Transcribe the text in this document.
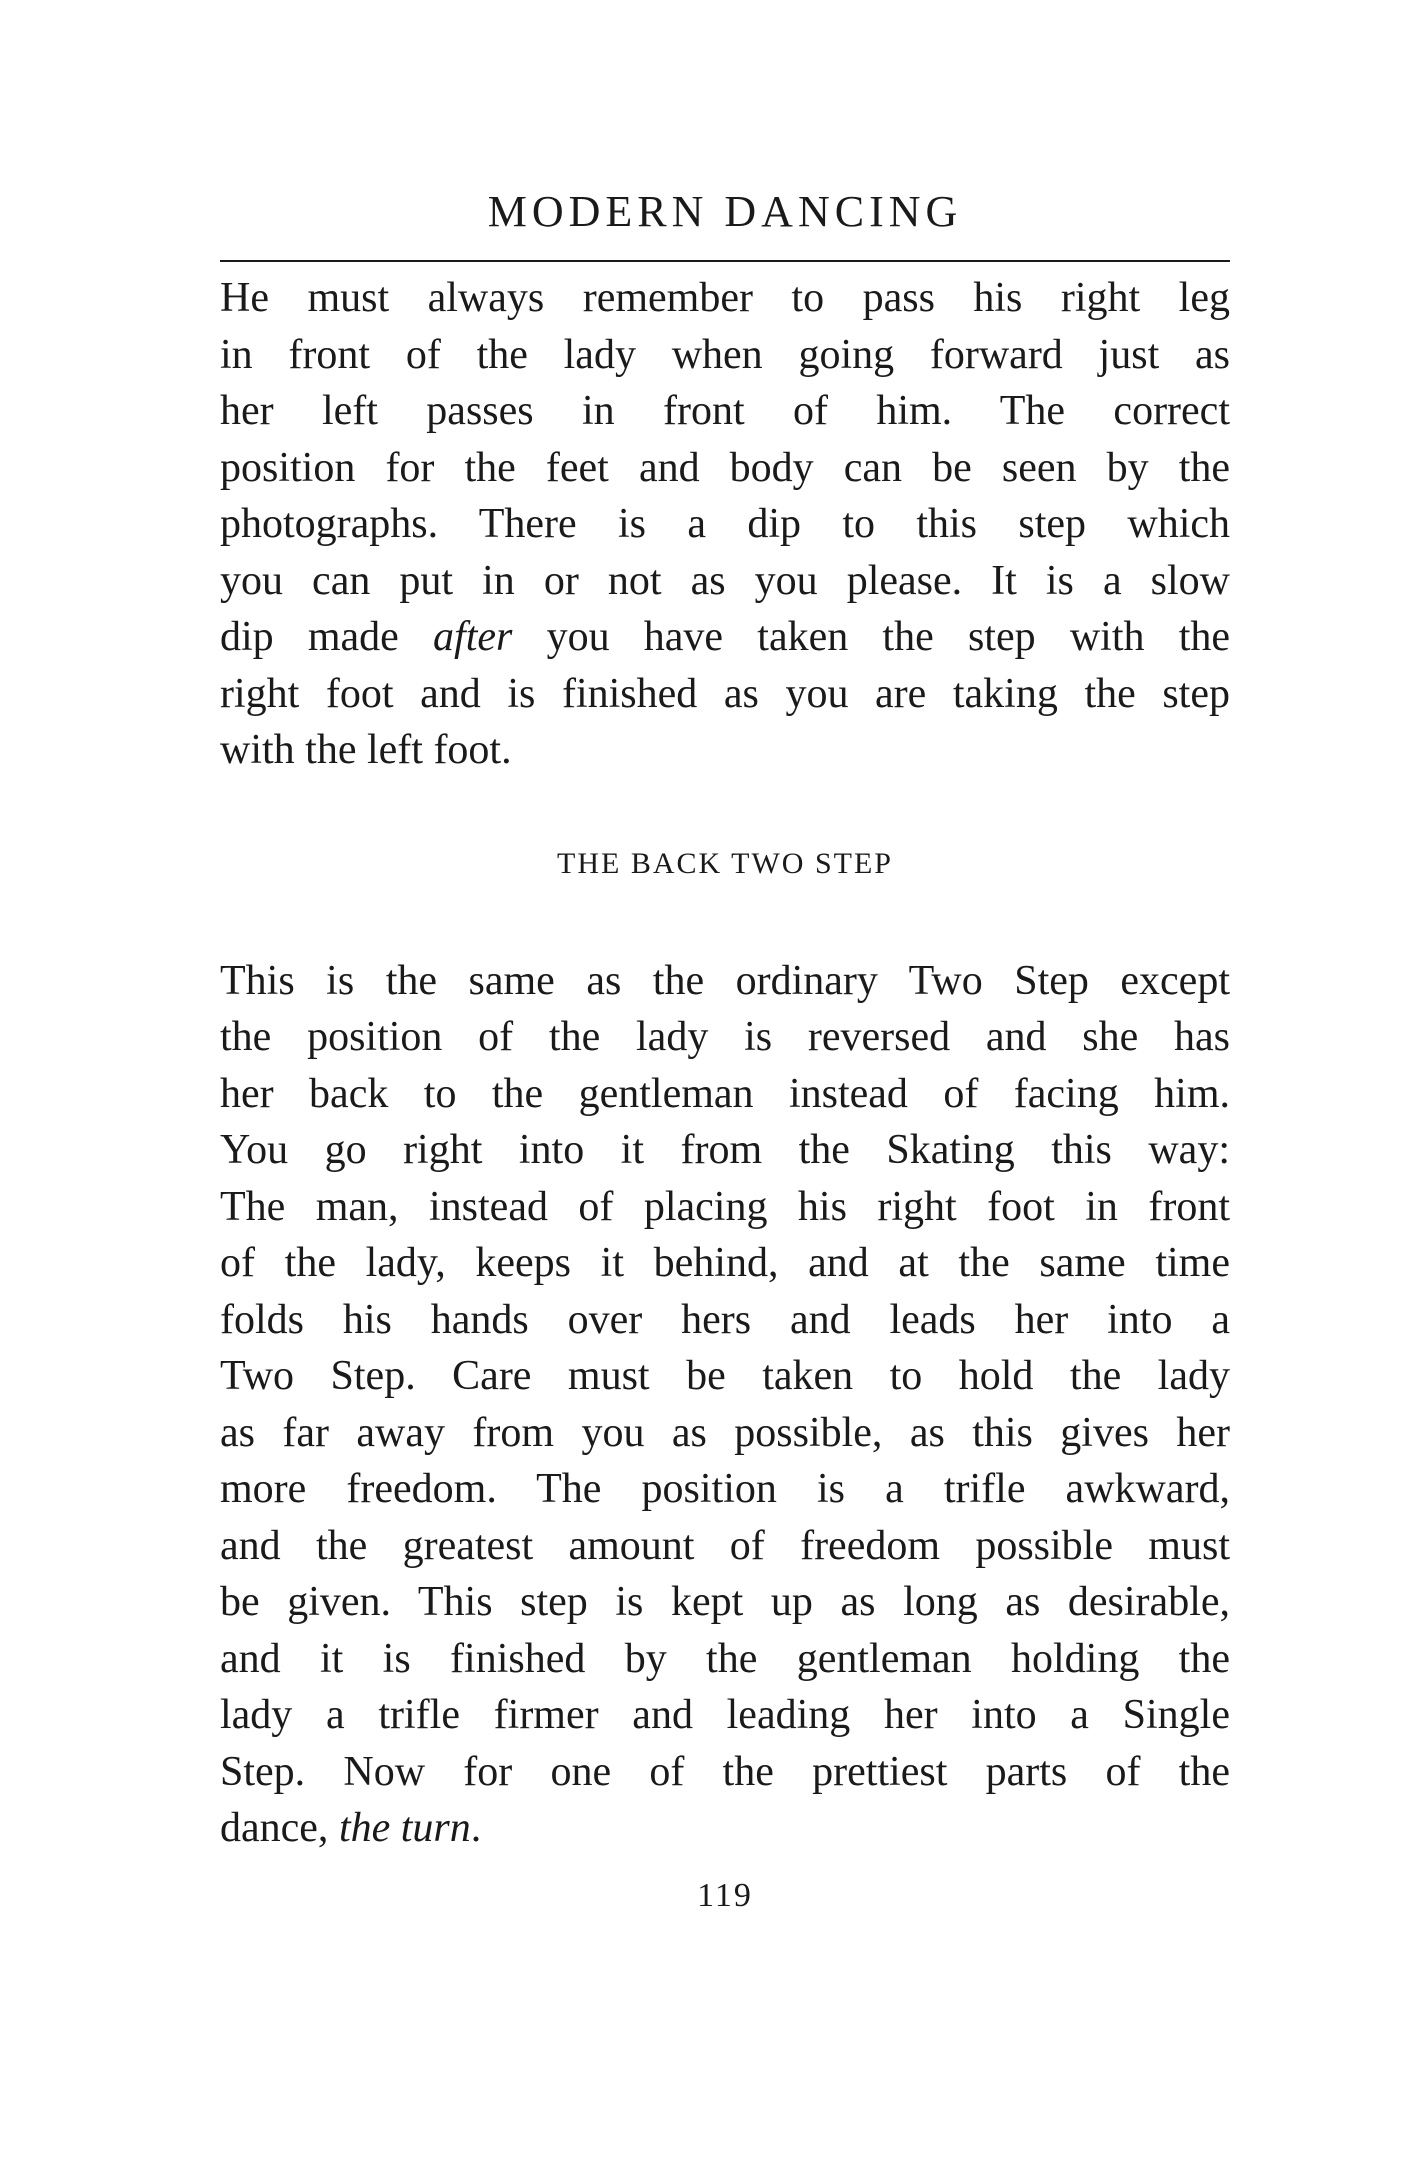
MODERN DANCING

He must always remember to pass his right leg
in front of the lady when going forward just as
her left passes in front of him. The correct
position for the feet and body can be seen by the
photographs. There is a dip to this step which
you can put in or not as you please. It is a slow
dip made after you have taken the step with the
right foot and is finished as you are taking the step
with the left foot.

THE BACK TWO STEP

This is the same as the ordinary Two Step except
the position of the lady is reversed and she has
her back to the gentleman instead of facing him.
You go right into it from the Skating this way:
The man, instead of placing his right foot in front
of the lady, keeps it behind, and at the same time
folds his hands over hers and leads her into a
Two Step. Care must be taken to hold the lady
as far away from you as possible, as this gives her
more freedom. The position is a trifle awkward,
and the greatest amount of freedom possible must
be given. This step is kept up as long as desirable,
and it is finished by the gentleman holding the
lady a trifle firmer and leading her into a Single
Step. Now for one of the prettiest parts of the
dance, the turn.

119
